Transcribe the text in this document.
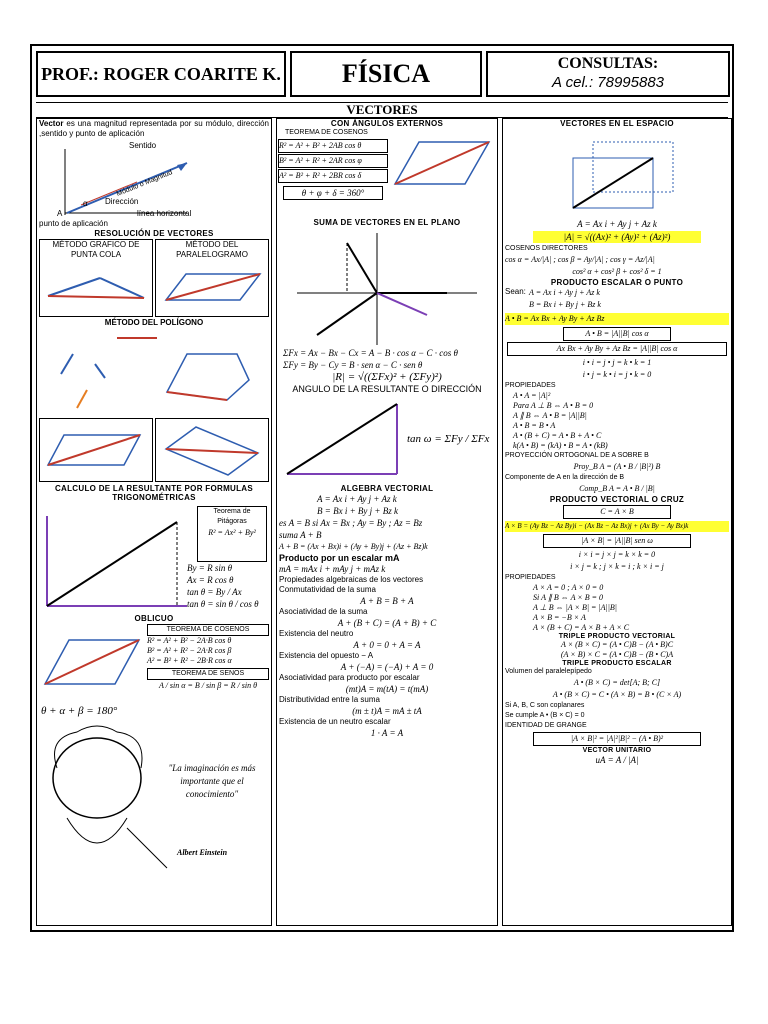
PROF.: ROGER COARITE K.	FÍSICA	CONSULTAS:
A cel.: 78995883
VECTORES
Vector es una magnitud representada por su módulo, dirección ,sentido y punto de aplicación
Sentido
Módulo o Magnitud
Dirección
línea horizontal
α
A
punto de aplicación
RESOLUCIÓN DE VECTORES
MÉTODO GRAFICO DE PUNTA COLA
MÉTODO DEL PARALELOGRAMO
MÉTODO DEL POLÍGONO
CALCULO DE LA RESULTANTE POR FORMULAS TRIGONOMÉTRICAS
Teorema de Pitágoras
R² = Ax² + By²
By = R sin θ
Ax = R cos θ
tan θ = By / Ax
tan θ = sin θ / cos θ
OBLICUO
TEOREMA DE COSENOS
R² = A² + B² − 2A·B cos θ
B² = A² + R² − 2A·R cos β
A² = B² + R² − 2B·R cos α
TEOREMA DE SENOS
A / sin α = B / sin β = R / sin θ
θ + α + β = 180°
"La imaginación es más importante que el conocimiento"
Albert Einstein
CON ÁNGULOS EXTERNOS
TEOREMA DE COSENOS
R² = A² + B² + 2AB cos θ
B² = A² + R² + 2AR cos φ
A² = B² + R² + 2BR cos δ
θ + φ + δ = 360°
SUMA DE VECTORES EN EL PLANO
ΣFx = Ax − Bx − Cx = A − B · cos α − C · cos θ
ΣFy = By − Cy = B · sen α − C · sen θ
|R| = √((ΣFx)² + (ΣFy)²)
ANGULO DE LA RESULTANTE O DIRECCIÓN
tan ω = ΣFy / ΣFx
ALGEBRA VECTORIAL
A = Ax i + Ay j + Az k
B = Bx i + By j + Bz k
es A = B si Ax = Bx ; Ay = By ; Az = Bz
suma A + B
A + B = (Ax + Bx)i + (Ay + By)j + (Az + Bz)k
Producto por un escalar mA
mA = mAx i + mAy j + mAz k
Propiedades algebraicas de los vectores
Conmutatividad de la suma
A + B = B + A
Asociatividad de la suma
A + (B + C) = (A + B) + C
Existencia del neutro
A + 0 = 0 + A = A
Existencia del opuesto − A
A + (−A) = (−A) + A = 0
Asociatividad para producto por escalar
(mt)A = m(tA) = t(mA)
Distributividad entre la suma
(m ± t)A = mA ± tA
Existencia de un neutro escalar
1 · A = A
VECTORES EN EL ESPACIO
A = Ax i + Ay j + Az k
|A| = √((Ax)² + (Ay)² + (Az)²)
COSENOS DIRECTORES
cos α = Ax/|A| ; cos β = Ay/|A| ; cos γ = Az/|A|
cos² α + cos² β + cos² δ = 1
PRODUCTO ESCALAR O PUNTO
Sean: A = Ax i + Ay j + Az k
B = Bx i + By j + Bz k
A • B = Ax Bx + Ay By + Az Bz
A • B = |A||B| cos α
Ax Bx + Ay By + Az Bz = |A||B| cos α
i • i = j • j = k • k = 1
i • j = k • i = j • k = 0
PROPIEDADES
A • A = |A|²
Para A ⊥ B ⇔ A • B = 0
A ∥ B ⇔ A • B = |A||B|
A • B = B • A
A • (B + C) = A • B + A • C
k(A • B) = (kA) • B = A • (kB)
PROYECCIÓN ORTOGONAL DE A SOBRE B
Proy_B A = (A • B / |B|²) B
Componente de A en la dirección de B
Comp_B A = A • B / |B|
PRODUCTO VECTORIAL O CRUZ
C = A × B
A × B = (Ay Bz − Az By)i − (Ax Bz − Az Bx)j + (Ax By − Ay Bx)k
|A × B| = |A||B| sen ω
i × i = j × j = k × k = 0
i × j = k ; j × k = i ; k × i = j
PROPIEDADES
A × A = 0 ; A × 0 = 0
Si A ∥ B ⇔ A × B = 0
A ⊥ B ⇔ |A × B| = |A||B|
A × B = −B × A
A × (B + C) = A × B + A × C
TRIPLE PRODUCTO VECTORIAL
A × (B × C) = (A • C)B − (A • B)C
(A × B) × C = (A • C)B − (B • C)A
TRIPLE PRODUCTO ESCALAR
Volumen del paralelepípedo
A • (B × C) = det[A; B; C]
A • (B × C) = C • (A × B) = B • (C × A)
Si A, B, C son coplanares
Se cumple A • (B × C) = 0
IDENTIDAD DE GRANGE
|A × B|² = |A|²|B|² − (A • B)²
VECTOR UNITARIO
uA = A / |A|
